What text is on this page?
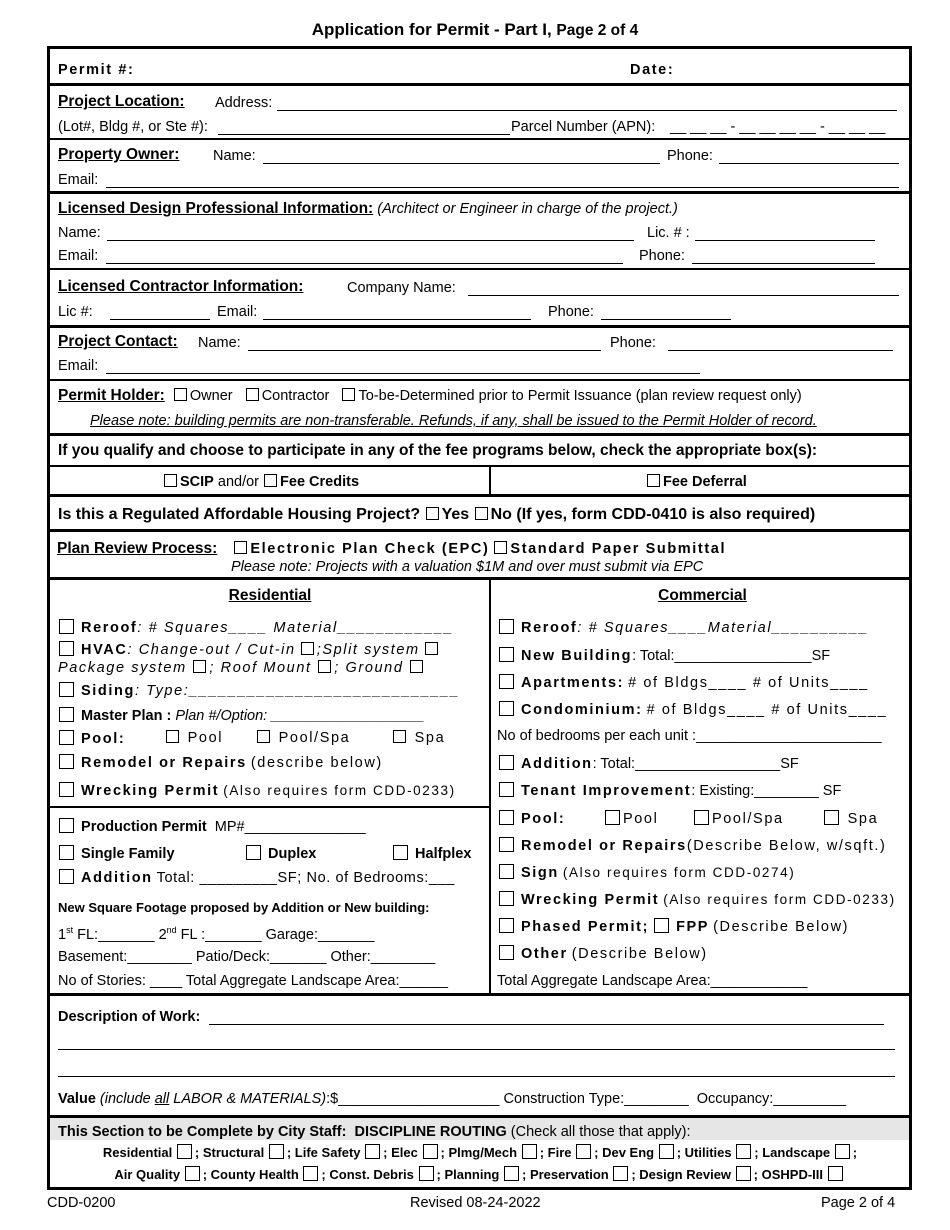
Application for Permit - Part I, Page 2 of 4
Permit #:	Date:
Project Location: Address:
(Lot#, Bldg #, or Ste #):	Parcel Number (APN): __ __ __ - __ __ __ __ - __ __ __
Property Owner: Name:	Phone:
Email:
Licensed Design Professional Information: (Architect or Engineer in charge of the project.)
Name:	Lic. # :
Email:	Phone:
Licensed Contractor Information:	Company Name:
Lic #:	Email:	Phone:
Project Contact: Name:	Phone:
Email:
Permit Holder: Owner Contractor To-be-Determined prior to Permit Issuance (plan review request only)
Please note: building permits are non-transferable. Refunds, if any, shall be issued to the Permit Holder of record.
If you qualify and choose to participate in any of the fee programs below, check the appropriate box(s):
SCIP and/or Fee Credits	Fee Deferral
Is this a Regulated Affordable Housing Project? Yes No (If yes, form CDD-0410 is also required)
Plan Review Process: Electronic Plan Check (EPC) Standard Paper Submittal
Please note: Projects with a valuation $1M and over must submit via EPC
Residential
Reroof: # Squares____ Material____________
HVAC: Change-out / Cut-in ;Split system
Package system ; Roof Mount ; Ground
Siding: Type:____________________________
Master Plan : Plan #/Option: ___________________
Pool:	Pool	Pool/Spa	Spa
Remodel or Repairs (describe below)
Wrecking Permit (Also requires form CDD-0233)
Production Permit MP#_______________
Single Family	Duplex	Halfplex
Addition Total: _________SF; No. of Bedrooms:___
New Square Footage proposed by Addition or New building:
1st FL:_______ 2nd FL :_______ Garage:_______
Basement:________ Patio/Deck:_______ Other:________
No of Stories: ____ Total Aggregate Landscape Area:______
Commercial
Reroof: # Squares____Material__________
New Building: Total:_________________SF
Apartments: # of Bldgs____ # of Units____
Condominium: # of Bldgs____ # of Units____
No of bedrooms per each unit :_______________________
Addition: Total:__________________SF
Tenant Improvement: Existing:________ SF
Pool:	Pool	Pool/Spa	Spa
Remodel or Repairs(Describe Below, w/sqft.)
Sign (Also requires form CDD-0274)
Wrecking Permit (Also requires form CDD-0233)
Phased Permit; FPP (Describe Below)
Other (Describe Below)
Total Aggregate Landscape Area:____________
Description of Work:
Value (include all LABOR & MATERIALS):$____________________ Construction Type:________ Occupancy:_________
This Section to be Complete by City Staff: DISCIPLINE ROUTING (Check all those that apply):
Residential ; Structural ; Life Safety ; Elec ; Plmg/Mech ; Fire ; Dev Eng ; Utilities ; Landscape ;
Air Quality ; County Health ; Const. Debris ; Planning ; Preservation ; Design Review ; OSHPD-III
CDD-0200	Revised 08-24-2022	Page 2 of 4
